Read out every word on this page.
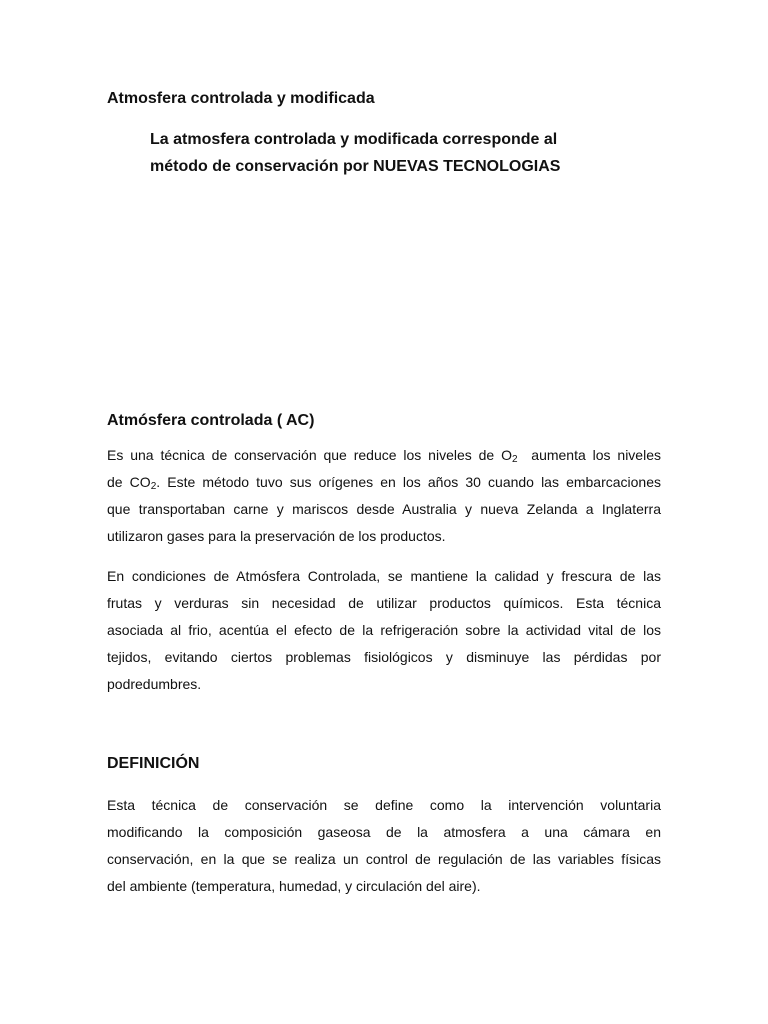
Atmosfera controlada y modificada
La atmosfera controlada y modificada corresponde al
método de conservación por NUEVAS TECNOLOGIAS
Atmósfera controlada ( AC)

Es una técnica de conservación que reduce los niveles de $O_2$  aumenta los niveles
de $CO_2$. Este método tuvo sus orígenes en los años 30 cuando las embarcaciones
que transportaban carne y mariscos desde Australia y nueva Zelanda a Inglaterra
utilizaron gases para la preservación de los productos.

En condiciones de Atmósfera Controlada, se mantiene la calidad y frescura de las
frutas y verduras sin necesidad de utilizar productos químicos. Esta técnica
asociada al frio, acentúa el efecto de la refrigeración sobre la actividad vital de los
tejidos, evitando ciertos problemas fisiológicos y disminuye las pérdidas por
podredumbres.

DEFINICIÓN

Esta técnica de conservación se define como la intervención voluntaria
modificando la composición gaseosa de la atmosfera a una cámara en
conservación, en la que se realiza un control de regulación de las variables físicas
del ambiente (temperatura, humedad, y circulación del aire).
